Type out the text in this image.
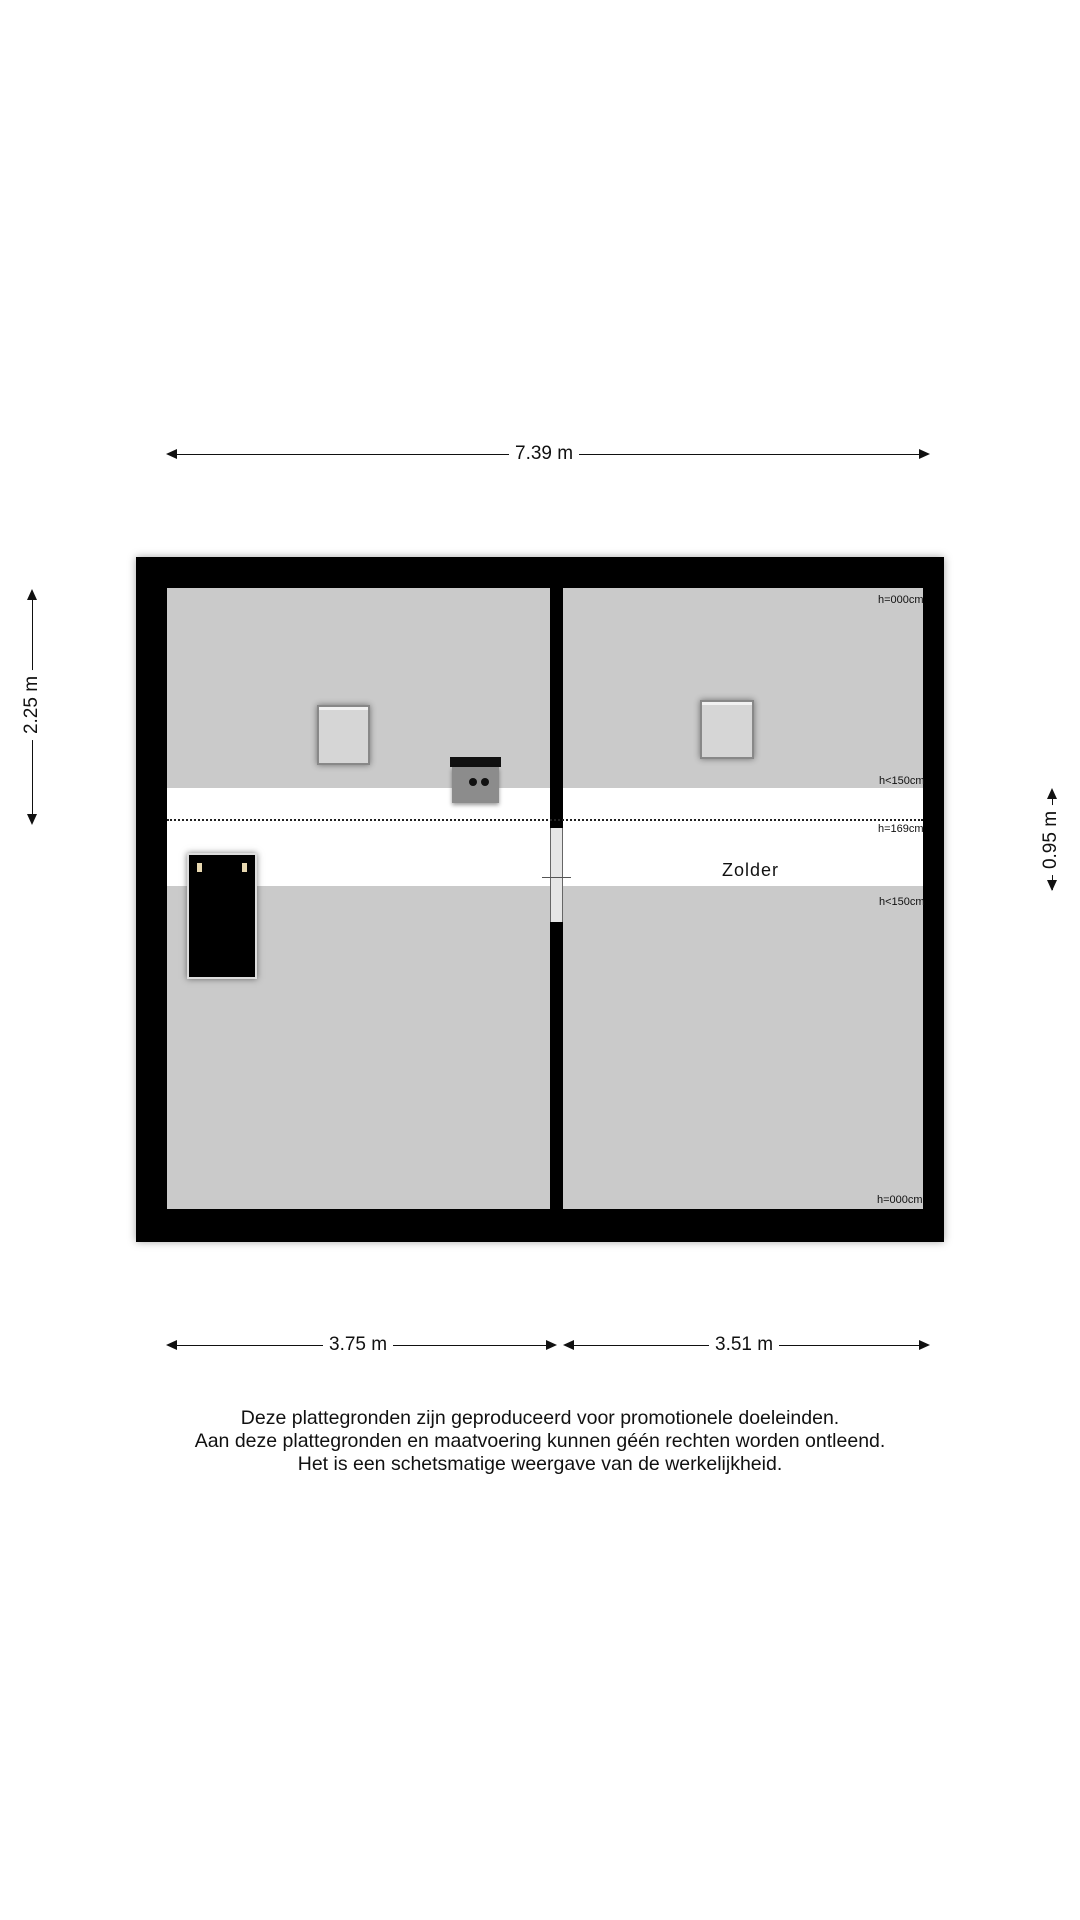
7.39 m
2.25 m
0.95 m
Zolder
h=000cm
h<150cm
h=169cm
h<150cm
h=000cm
3.75 m	3.51 m
Deze plattegronden zijn geproduceerd voor promotionele doeleinden.
Aan deze plattegronden en maatvoering kunnen géén rechten worden ontleend.
Het is een schetsmatige weergave van de werkelijkheid.
